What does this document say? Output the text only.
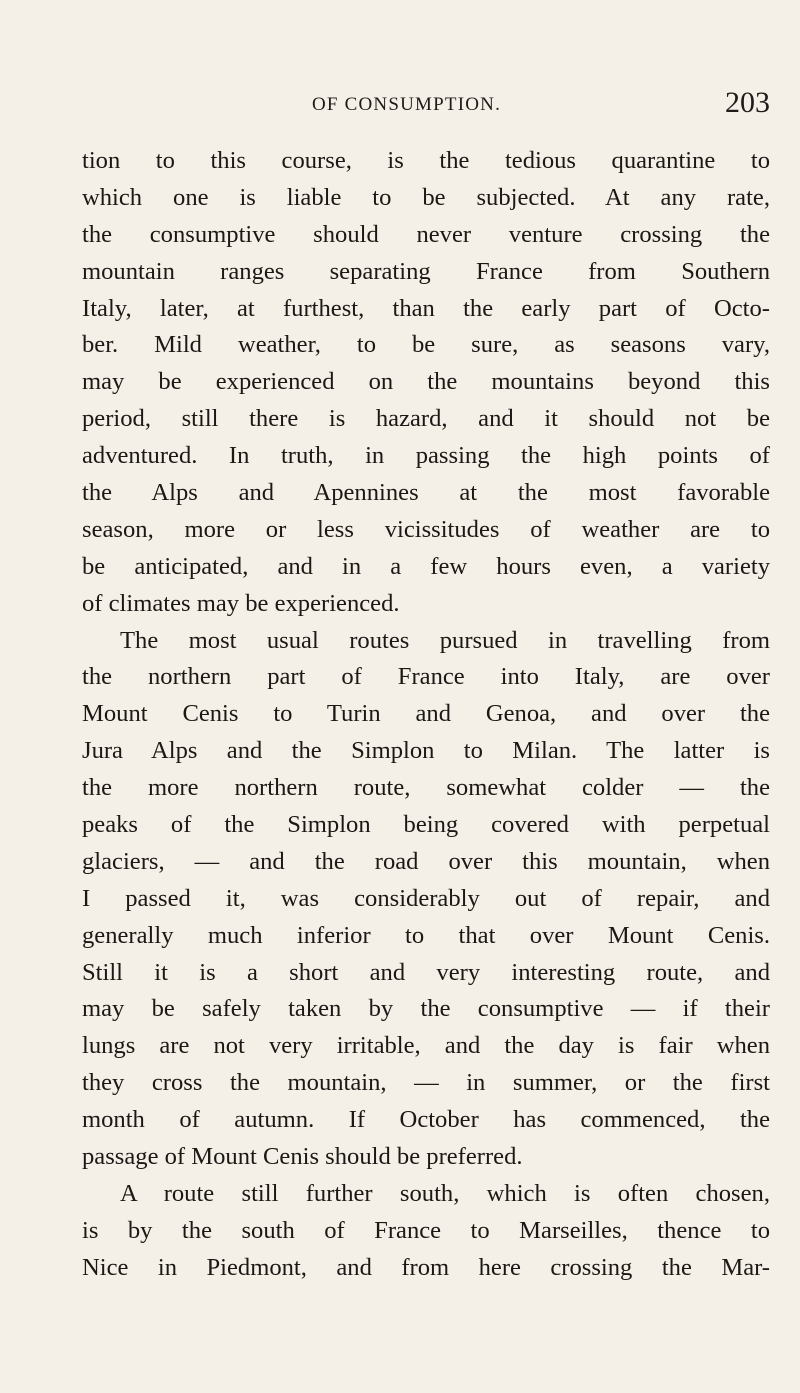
OF CONSUMPTION.	203
tion to this course, is the tedious quarantine to
which one is liable to be subjected. At any rate,
the consumptive should never venture crossing the
mountain ranges separating France from Southern
Italy, later, at furthest, than the early part of Octo-
ber. Mild weather, to be sure, as seasons vary,
may be experienced on the mountains beyond this
period, still there is hazard, and it should not be
adventured. In truth, in passing the high points of
the Alps and Apennines at the most favorable
season, more or less vicissitudes of weather are to
be anticipated, and in a few hours even, a variety
of climates may be experienced.
The most usual routes pursued in travelling from
the northern part of France into Italy, are over
Mount Cenis to Turin and Genoa, and over the
Jura Alps and the Simplon to Milan. The latter is
the more northern route, somewhat colder — the
peaks of the Simplon being covered with perpetual
glaciers, — and the road over this mountain, when
I passed it, was considerably out of repair, and
generally much inferior to that over Mount Cenis.
Still it is a short and very interesting route, and
may be safely taken by the consumptive — if their
lungs are not very irritable, and the day is fair when
they cross the mountain, — in summer, or the first
month of autumn. If October has commenced, the
passage of Mount Cenis should be preferred.
A route still further south, which is often chosen,
is by the south of France to Marseilles, thence to
Nice in Piedmont, and from here crossing the Mar-
